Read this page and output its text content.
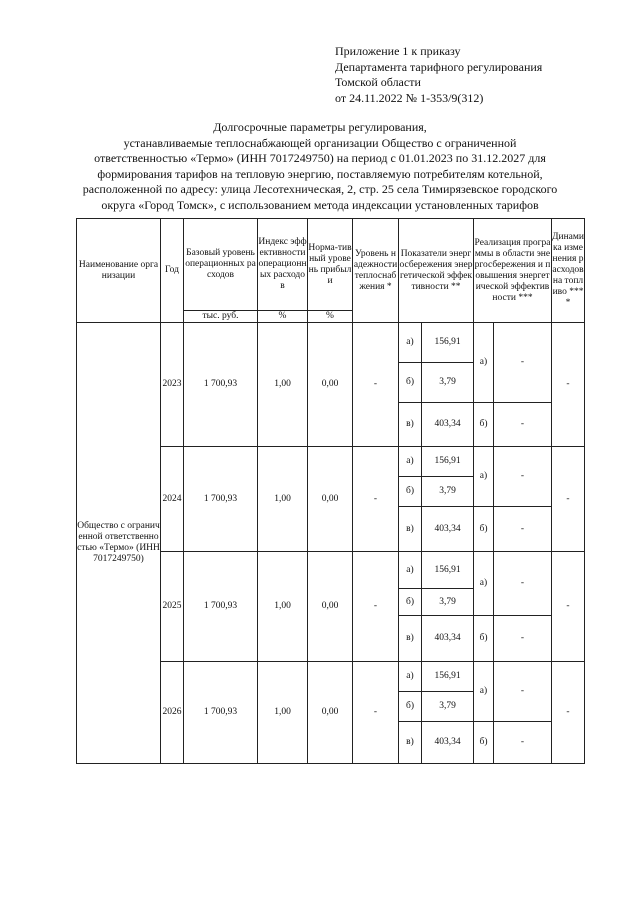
Приложение 1 к приказу
Департамента тарифного регулирования
Томской области
от 24.11.2022 № 1-353/9(312)
Долгосрочные параметры регулирования,
устанавливаемые теплоснабжающей организации Общество с ограниченной
ответственностью «Термо» (ИНН 7017249750) на период с 01.01.2023 по 31.12.2027 для
формирования тарифов на тепловую энергию, поставляемую потребителям котельной,
расположенной по адресу: улица Лесотехническая, 2, стр. 25 села Тимирязевское городского
округа «Город Томск», с использованием метода индексации установленных тарифов
Наименование организации	Год	Базовый уровень операционных расходов	Индекс эффективности операционных расходов	Норма-тивный уровень прибыли	Уровень надежности теплоснабжения *	Показатели энергосбережения энергетической эффективности **		Реализация программы в области энергосбережения и повышения энергетической эффективности ***		Динамика изменения расходов на топливо ****
		тыс. руб.	%	%						
Общество с ограниченной ответственностью «Термо» (ИНН 7017249750)	2023	1 700,93	1,00	0,00	-	а)	156,91	а)	-	-
						б)	3,79			
						в)	403,34	б)	-	
	2024	1 700,93	1,00	0,00	-	а)	156,91	а)	-	-
						б)	3,79			
						в)	403,34	б)	-	
	2025	1 700,93	1,00	0,00	-	а)	156,91	а)	-	-
						б)	3,79			
						в)	403,34	б)	-	
	2026	1 700,93	1,00	0,00	-	а)	156,91	а)	-	-
						б)	3,79			
						в)	403,34	б)	-	
